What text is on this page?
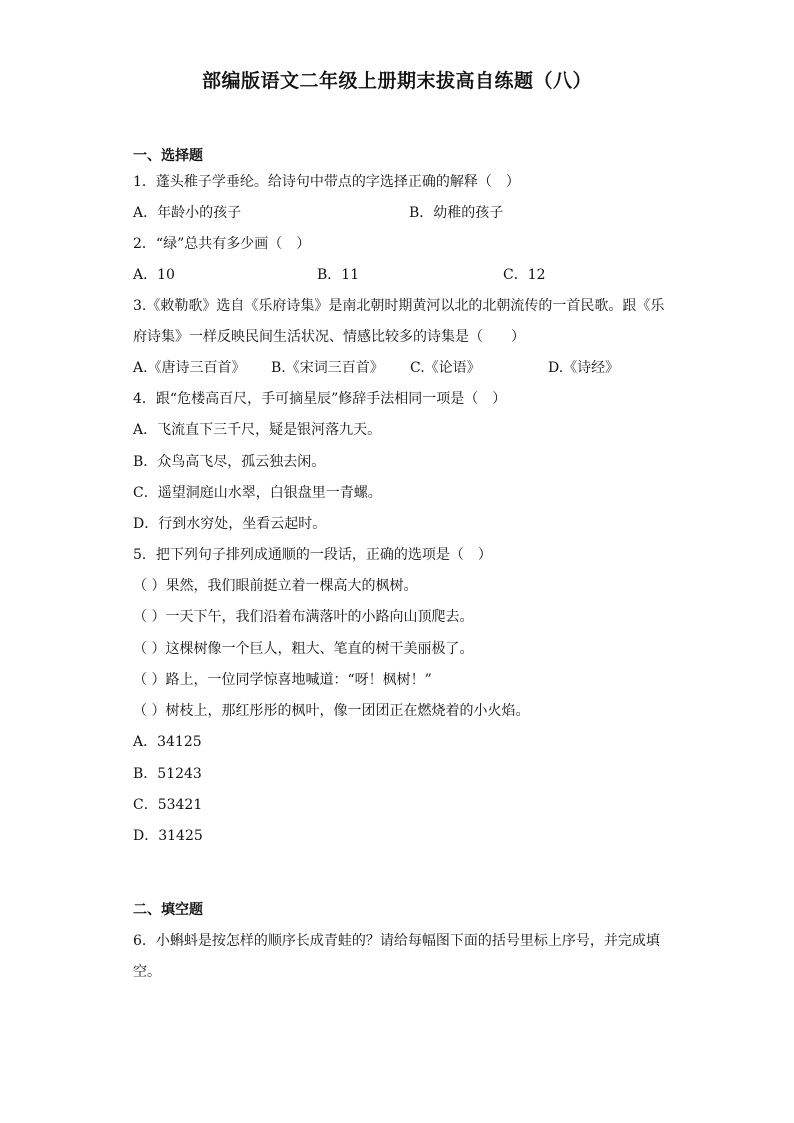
部编版语文二年级上册期末拔高自练题（八）
一、选择题
1．蓬头稚子学垂纶。给诗句中带点的字选择正确的解释（　）
A．年龄小的孩子	B．幼稚的孩子
2．“绿”总共有多少画（　）
A．10	B．11	C．12
3.《敕勒歌》选自《乐府诗集》是南北朝时期黄河以北的北朝流传的一首民歌。跟《乐
府诗集》一样反映民间生活状况、情感比较多的诗集是（　　）
A.《唐诗三百首》 B.《宋词三百首》 C.《论语》	D.《诗经》
4．跟“危楼高百尺，手可摘星辰”修辞手法相同一项是（　）
A．飞流直下三千尺，疑是银河落九天。
B．众鸟高飞尽，孤云独去闲。
C．遥望洞庭山水翠，白银盘里一青螺。
D．行到水穷处，坐看云起时。
5．把下列句子排列成通顺的一段话，正确的选项是（　）
（ ）果然，我们眼前挺立着一棵高大的枫树。
（ ）一天下午，我们沿着布满落叶的小路向山顶爬去。
（ ）这棵树像一个巨人，粗大、笔直的树干美丽极了。
（ ）路上，一位同学惊喜地喊道：“呀！枫树！”
（ ）树枝上，那红彤彤的枫叶，像一团团正在燃烧着的小火焰。
A．34125
B．51243
C．53421
D．31425
二、填空题
6．小蝌蚪是按怎样的顺序长成青蛙的？请给每幅图下面的括号里标上序号，并完成填
空。
